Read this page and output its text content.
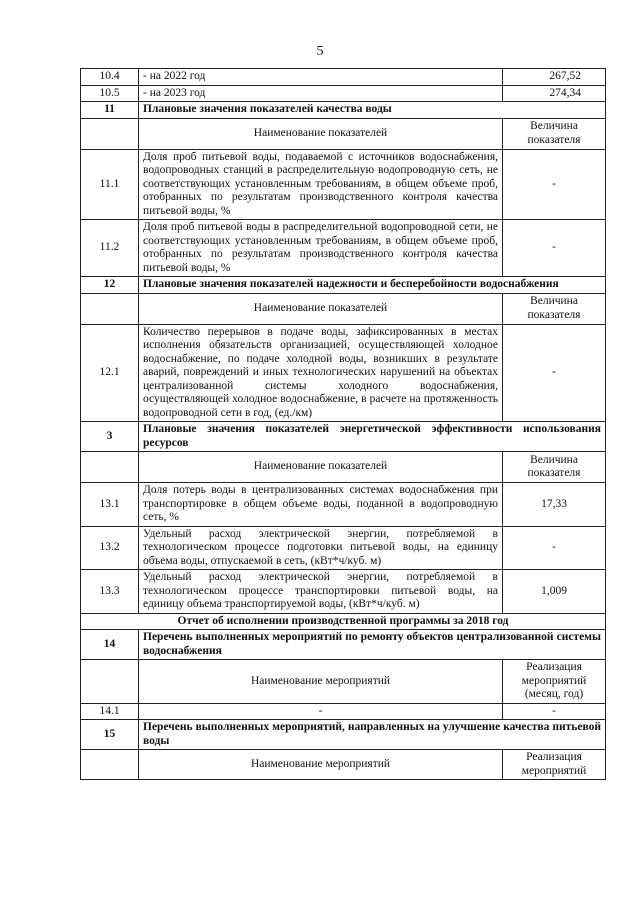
5
10.4	- на 2022 год	267,52
10.5	- на 2023 год	274,34
11	Плановые значения показателей качества воды	
	Наименование показателей	Величина показателя
11.1	Доля проб питьевой воды, подаваемой с источников водоснабжения, водопроводных станций в распределительную водопроводную сеть, не соответствующих установленным требованиям, в общем объеме проб, отобранных по результатам производственного контроля качества питьевой воды, %	-
11.2	Доля проб питьевой воды в распределительной водопроводной сети, не соответствующих установленным требованиям, в общем объеме проб, отобранных по результатам производственного контроля качества питьевой воды, %	-
12	Плановые значения показателей надежности и бесперебойности водоснабжения	
	Наименование показателей	Величина показателя
12.1	Количество перерывов в подаче воды, зафиксированных в местах исполнения обязательств организацией, осуществляющей холодное водоснабжение, по подаче холодной воды, возникших в результате аварий, повреждений и иных технологических нарушений на объектах централизованной системы холодного водоснабжения, осуществляющей холодное водоснабжение, в расчете на протяженность водопроводной сети в год, (ед./км)	-
3	Плановые значения показателей энергетической эффективности использования ресурсов	
	Наименование показателей	Величина показателя
13.1	Доля потерь воды в централизованных системах водоснабжения при транспортировке в общем объеме воды, поданной в водопроводную сеть, %	17,33
13.2	Удельный расход электрической энергии, потребляемой в технологическом процессе подготовки питьевой воды, на единицу объема воды, отпускаемой в сеть, (кВт*ч/куб. м)	-
13.3	Удельный расход электрической энергии, потребляемой в технологическом процессе транспортировки питьевой воды, на единицу объема транспортируемой воды, (кВт*ч/куб. м)	1,009
Отчет об исполнении производственной программы за 2018 год		
14	Перечень выполненных мероприятий по ремонту объектов централизованной системы водоснабжения	
	Наименование мероприятий	Реализация мероприятий (месяц, год)
14.1	-	-
15	Перечень выполненных мероприятий, направленных на улучшение качества питьевой воды	
	Наименование мероприятий	Реализация мероприятий
